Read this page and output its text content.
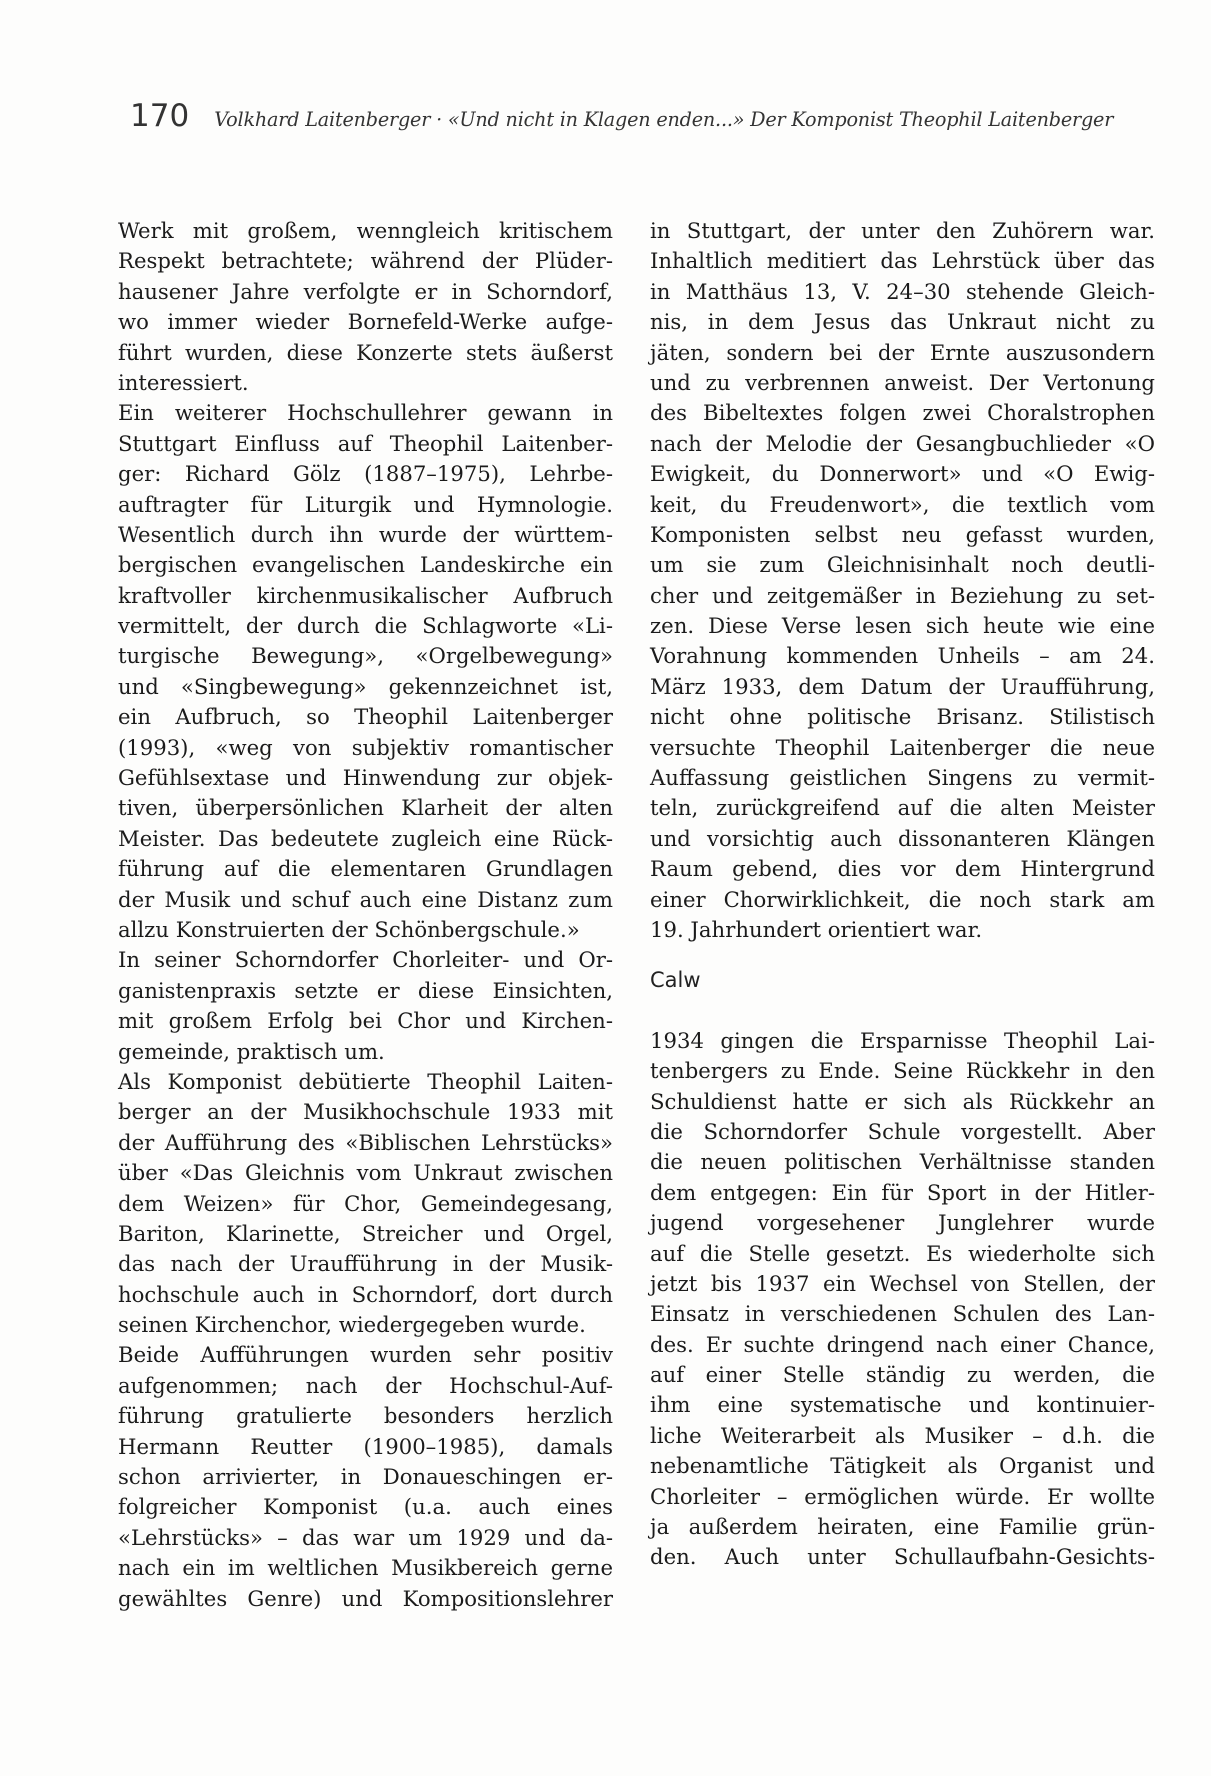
170 Volkhard Laitenberger · «Und nicht in Klagen enden...» Der Komponist Theophil Laitenberger
Werk mit großem, wenngleich kritischem
Respekt betrachtete; während der Plüder-
hausener Jahre verfolgte er in Schorndorf,
wo immer wieder Bornefeld-Werke aufge-
führt wurden, diese Konzerte stets äußerst
interessiert.
Ein weiterer Hochschullehrer gewann in
Stuttgart Einfluss auf Theophil Laitenber-
ger: Richard Gölz (1887–1975), Lehrbe-
auftragter für Liturgik und Hymnologie.
Wesentlich durch ihn wurde der württem-
bergischen evangelischen Landeskirche ein
kraftvoller kirchenmusikalischer Aufbruch
vermittelt, der durch die Schlagworte «Li-
turgische Bewegung», «Orgelbewegung»
und «Singbewegung» gekennzeichnet ist,
ein Aufbruch, so Theophil Laitenberger
(1993), «weg von subjektiv romantischer
Gefühlsextase und Hinwendung zur objek-
tiven, überpersönlichen Klarheit der alten
Meister. Das bedeutete zugleich eine Rück-
führung auf die elementaren Grundlagen
der Musik und schuf auch eine Distanz zum
allzu Konstruierten der Schönbergschule.»
In seiner Schorndorfer Chorleiter- und Or-
ganistenpraxis setzte er diese Einsichten,
mit großem Erfolg bei Chor und Kirchen-
gemeinde, praktisch um.
Als Komponist debütierte Theophil Laiten-
berger an der Musikhochschule 1933 mit
der Aufführung des «Biblischen Lehrstücks»
über «Das Gleichnis vom Unkraut zwischen
dem Weizen» für Chor, Gemeindegesang,
Bariton, Klarinette, Streicher und Orgel,
das nach der Uraufführung in der Musik-
hochschule auch in Schorndorf, dort durch
seinen Kirchenchor, wiedergegeben wurde.
Beide Aufführungen wurden sehr positiv
aufgenommen; nach der Hochschul-Auf-
führung gratulierte besonders herzlich
Hermann Reutter (1900–1985), damals
schon arrivierter, in Donaueschingen er-
folgreicher Komponist (u.a. auch eines
«Lehrstücks» – das war um 1929 und da-
nach ein im weltlichen Musikbereich gerne
gewähltes Genre) und Kompositionslehrer
in Stuttgart, der unter den Zuhörern war.
Inhaltlich meditiert das Lehrstück über das
in Matthäus 13, V. 24–30 stehende Gleich-
nis, in dem Jesus das Unkraut nicht zu
jäten, sondern bei der Ernte auszusondern
und zu verbrennen anweist. Der Vertonung
des Bibeltextes folgen zwei Choralstrophen
nach der Melodie der Gesangbuchlieder «O
Ewigkeit, du Donnerwort» und «O Ewig-
keit, du Freudenwort», die textlich vom
Komponisten selbst neu gefasst wurden,
um sie zum Gleichnisinhalt noch deutli-
cher und zeitgemäßer in Beziehung zu set-
zen. Diese Verse lesen sich heute wie eine
Vorahnung kommenden Unheils – am 24.
März 1933, dem Datum der Uraufführung,
nicht ohne politische Brisanz. Stilistisch
versuchte Theophil Laitenberger die neue
Auffassung geistlichen Singens zu vermit-
teln, zurückgreifend auf die alten Meister
und vorsichtig auch dissonanteren Klängen
Raum gebend, dies vor dem Hintergrund
einer Chorwirklichkeit, die noch stark am
19. Jahrhundert orientiert war.
Calw
1934 gingen die Ersparnisse Theophil Lai-
tenbergers zu Ende. Seine Rückkehr in den
Schuldienst hatte er sich als Rückkehr an
die Schorndorfer Schule vorgestellt. Aber
die neuen politischen Verhältnisse standen
dem entgegen: Ein für Sport in der Hitler-
jugend vorgesehener Junglehrer wurde
auf die Stelle gesetzt. Es wiederholte sich
jetzt bis 1937 ein Wechsel von Stellen, der
Einsatz in verschiedenen Schulen des Lan-
des. Er suchte dringend nach einer Chance,
auf einer Stelle ständig zu werden, die
ihm eine systematische und kontinuier-
liche Weiterarbeit als Musiker – d.h. die
nebenamtliche Tätigkeit als Organist und
Chorleiter – ermöglichen würde. Er wollte
ja außerdem heiraten, eine Familie grün-
den. Auch unter Schullaufbahn-Gesichts-
